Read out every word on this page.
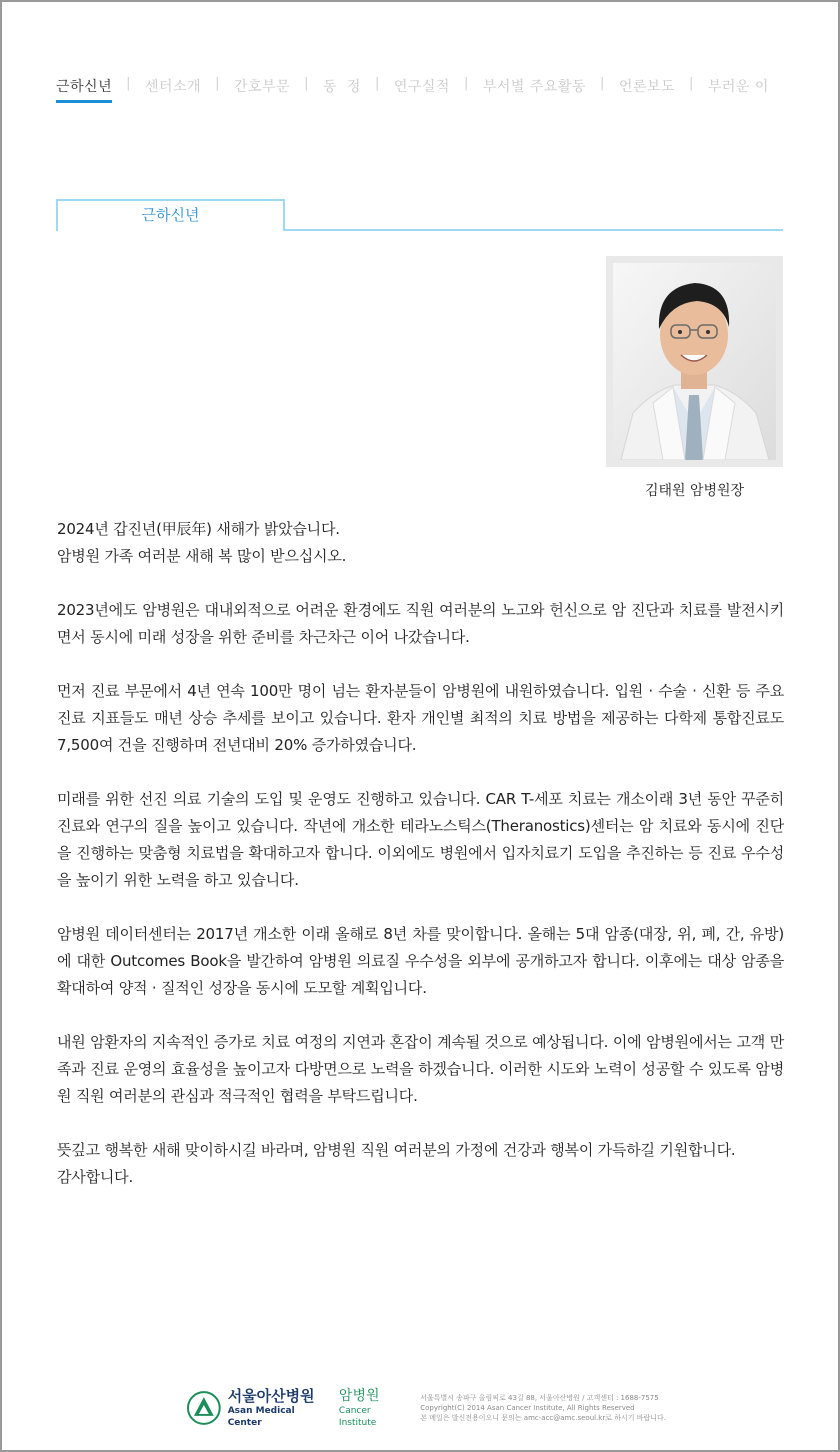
근하신년 | 센터소개 | 간호부문 | 동  정 | 연구실적 | 부서별 주요활동 | 언론보도 | 부러운 이
근하신년
김태원 암병원장

2024년 갑진년(甲辰年) 새해가 밝았습니다.
암병원 가족 여러분 새해 복 많이 받으십시오.

2023년에도 암병원은 대내외적으로 어려운 환경에도 직원 여러분의 노고와 헌신으로 암 진단과 치료를 발전시키면서 동시에 미래 성장을 위한 준비를 차근차근 이어 나갔습니다.

먼저 진료 부문에서 4년 연속 100만 명이 넘는 환자분들이 암병원에 내원하였습니다. 입원 · 수술 · 신환 등 주요 진료 지표들도 매년 상승 추세를 보이고 있습니다. 환자 개인별 최적의 치료 방법을 제공하는 다학제 통합진료도 7,500여 건을 진행하며 전년대비 20% 증가하였습니다.

미래를 위한 선진 의료 기술의 도입 및 운영도 진행하고 있습니다. CAR T-세포 치료는 개소이래 3년 동안 꾸준히 진료와 연구의 질을 높이고 있습니다. 작년에 개소한 테라노스틱스(Theranostics)센터는 암 치료와 동시에 진단을 진행하는 맞춤형 치료법을 확대하고자 합니다. 이외에도 병원에서 입자치료기 도입을 추진하는 등 진료 우수성을 높이기 위한 노력을 하고 있습니다.

암병원 데이터센터는 2017년 개소한 이래 올해로 8년 차를 맞이합니다. 올해는 5대 암종(대장, 위, 폐, 간, 유방)에 대한 Outcomes Book을 발간하여 암병원 의료질 우수성을 외부에 공개하고자 합니다. 이후에는 대상 암종을 확대하여 양적 · 질적인 성장을 동시에 도모할 계획입니다.

내원 암환자의 지속적인 증가로 치료 여정의 지연과 혼잡이 계속될 것으로 예상됩니다. 이에 암병원에서는 고객 만족과 진료 운영의 효율성을 높이고자 다방면으로 노력을 하겠습니다. 이러한 시도와 노력이 성공할 수 있도록 암병원 직원 여러분의 관심과 적극적인 협력을 부탁드립니다.

뜻깊고 행복한 새해 맞이하시길 바라며, 암병원 직원 여러분의 가정에 건강과 행복이 가득하길 기원합니다.
감사합니다.

서울아산병원
Asan Medical Center
암병원
Cancer Institute
서울특별시 송파구 올림픽로 43길 88, 서울아산병원 / 고객센터 : 1688-7575
Copyright(C) 2014 Asan Cancer Institute, All Rights Reserved
본 메일은 발신전용이오니 문의는 amc-acc@amc.seoul.kr로 하시기 바랍니다.
